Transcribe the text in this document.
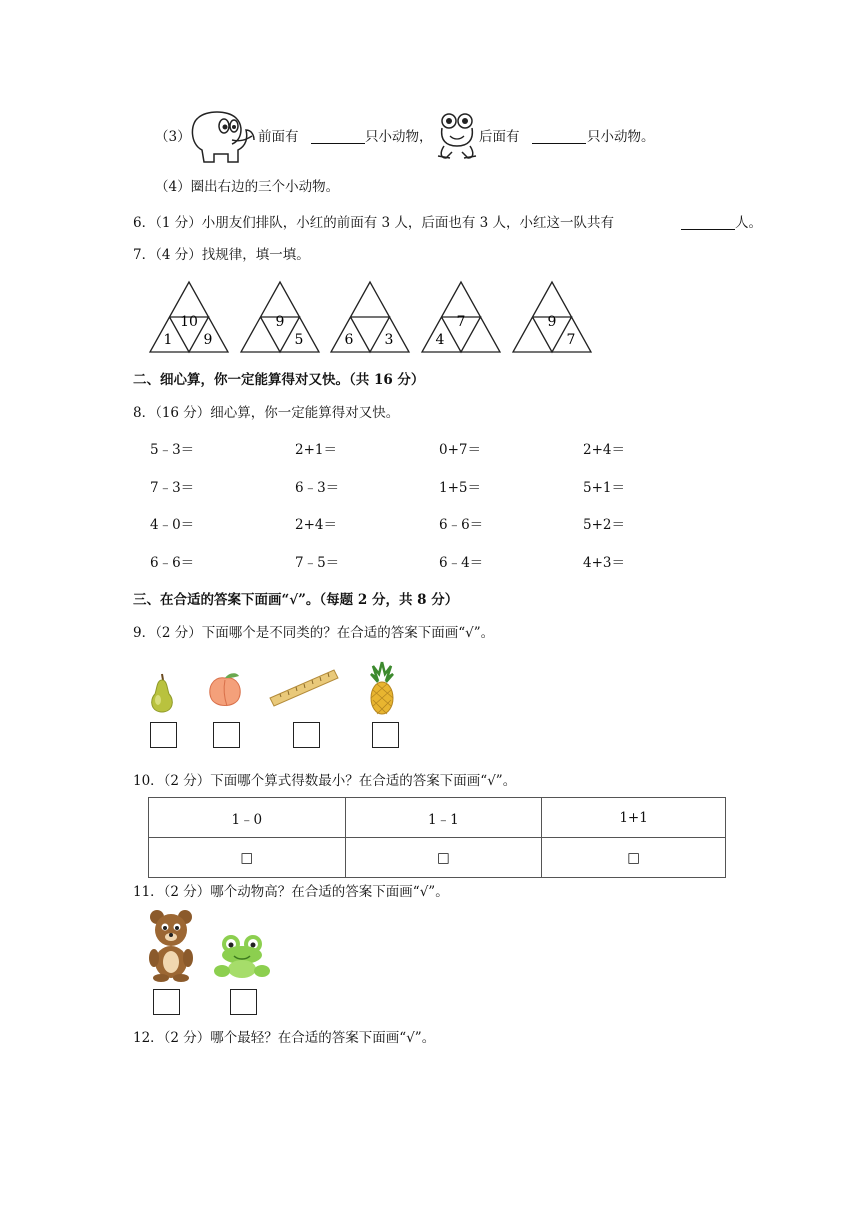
（3）	前面有	只小动物，	后面有	只小动物。
（4）圈出右边的三个小动物。
6．（1 分）小朋友们排队，小红的前面有 3 人，后面也有 3 人，小红这一队共有	人。
7．（4 分）找规律，填一填。
10
1 9
9
5	6 3
7
4
9
7
二、细心算，你一定能算得对又快。（共 16 分）
8．（16 分）细心算，你一定能算得对又快。
5﹣3＝	2+1＝	0+7＝	2+4＝
7﹣3＝	6﹣3＝	1+5＝	5+1＝
4﹣0＝	2+4＝	6﹣6＝	5+2＝
6﹣6＝	7﹣5＝	6﹣4＝	4+3＝
三、在合适的答案下面画“√”。（每题 2 分，共 8 分）
9．（2 分）下面哪个是不同类的？在合适的答案下面画“√”。
10．（2 分）下面哪个算式得数最小？在合适的答案下面画“√”。
1﹣0	1﹣1	1+1
□	□	□
11．（2 分）哪个动物高？在合适的答案下面画“√”。
12．（2 分）哪个最轻？在合适的答案下面画“√”。
